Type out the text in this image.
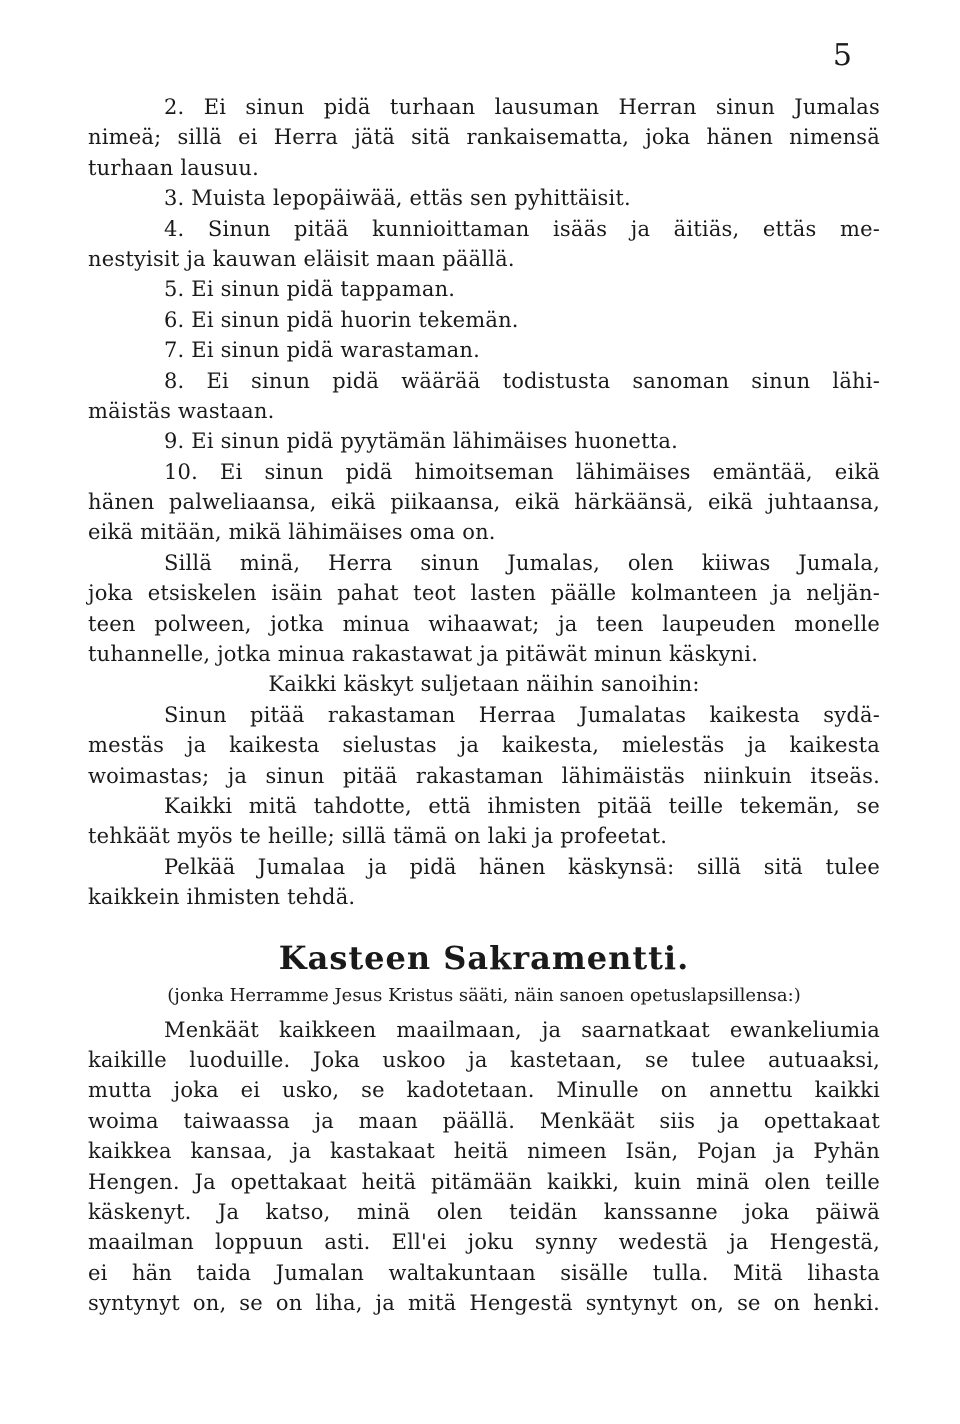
5
2. Ei sinun pidä turhaan lausuman Herran sinun Jumalas
nimeä; sillä ei Herra jätä sitä rankaisematta, joka hänen nimensä
turhaan lausuu.
3. Muista lepopäiwää, ettäs sen pyhittäisit.
4. Sinun pitää kunnioittaman isääs ja äitiäs, ettäs me-
nestyisit ja kauwan eläisit maan päällä.
5. Ei sinun pidä tappaman.
6. Ei sinun pidä huorin tekemän.
7. Ei sinun pidä warastaman.
8. Ei sinun pidä wäärää todistusta sanoman sinun lähi-
mäistäs wastaan.
9. Ei sinun pidä pyytämän lähimäises huonetta.
10. Ei sinun pidä himoitseman lähimäises emäntää, eikä
hänen palweliaansa, eikä piikaansa, eikä härkäänsä, eikä juhtaansa,
eikä mitään, mikä lähimäises oma on.
Sillä minä, Herra sinun Jumalas, olen kiiwas Jumala,
joka etsiskelen isäin pahat teot lasten päälle kolmanteen ja neljän-
teen polween, jotka minua wihaawat; ja teen laupeuden monelle
tuhannelle, jotka minua rakastawat ja pitäwät minun käskyni.
Kaikki käskyt suljetaan näihin sanoihin:
Sinun pitää rakastaman Herraa Jumalatas kaikesta sydä-
mestäs ja kaikesta sielustas ja kaikesta, mielestäs ja kaikesta
woimastas; ja sinun pitää rakastaman lähimäistäs niinkuin itseäs.
Kaikki mitä tahdotte, että ihmisten pitää teille tekemän, se
tehkäät myös te heille; sillä tämä on laki ja profeetat.
Pelkää Jumalaa ja pidä hänen käskynsä: sillä sitä tulee
kaikkein ihmisten tehdä.
Kasteen Sakramentti.
(jonka Herramme Jesus Kristus sääti, näin sanoen opetuslapsillensa:)
Menkäät kaikkeen maailmaan, ja saarnatkaat ewankeliumia
kaikille luoduille. Joka uskoo ja kastetaan, se tulee autuaaksi,
mutta joka ei usko, se kadotetaan. Minulle on annettu kaikki
woima taiwaassa ja maan päällä. Menkäät siis ja opettakaat
kaikkea kansaa, ja kastakaat heitä nimeen Isän, Pojan ja Pyhän
Hengen. Ja opettakaat heitä pitämään kaikki, kuin minä olen teille
käskenyt. Ja katso, minä olen teidän kanssanne joka päiwä
maailman loppuun asti. Ell'ei joku synny wedestä ja Hengestä,
ei hän taida Jumalan waltakuntaan sisälle tulla. Mitä lihasta
syntynyt on, se on liha, ja mitä Hengestä syntynyt on, se on henki.
